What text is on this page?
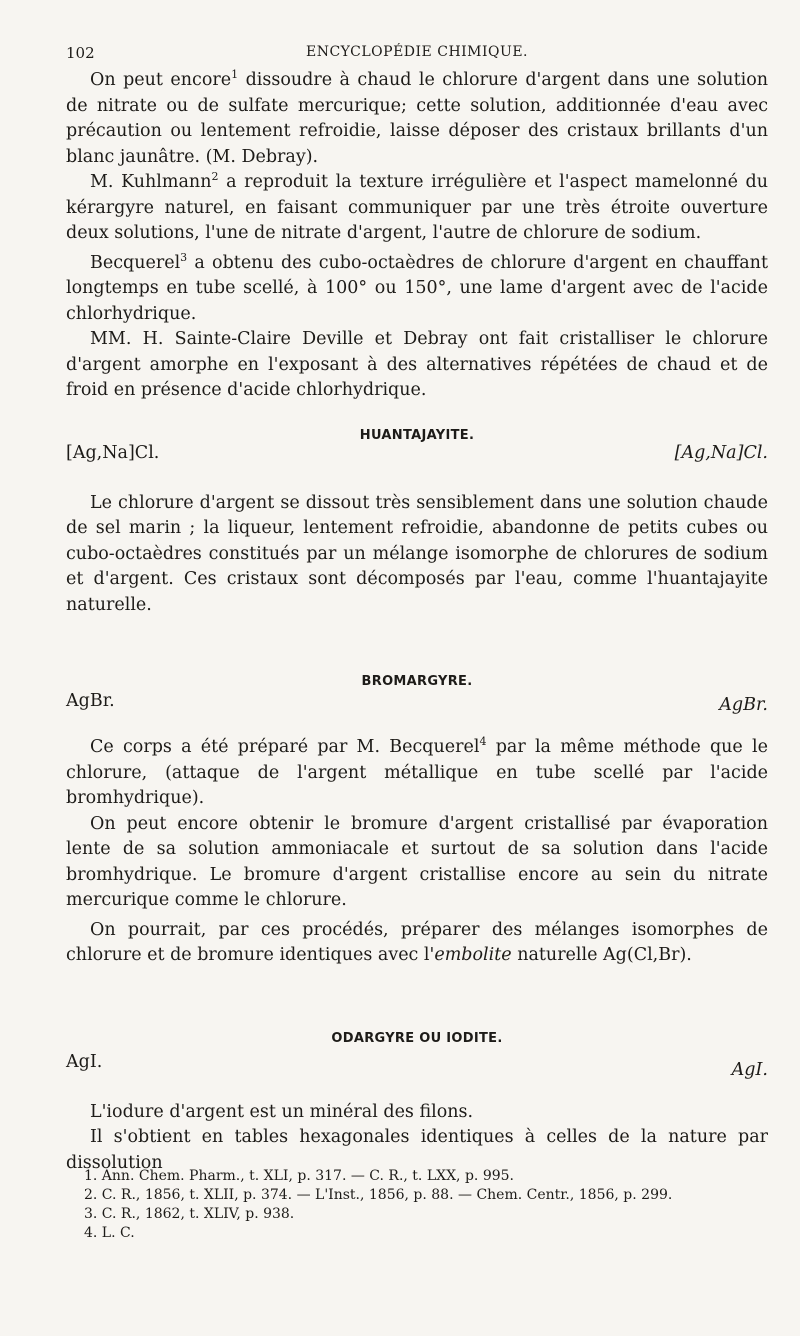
102	ENCYCLOPÉDIE CHIMIQUE.

On peut encore$^1$ dissoudre à chaud le chlorure d'argent dans une solution de nitrate ou de sulfate mercurique; cette solution, additionnée d'eau avec précaution ou lentement refroidie, laisse déposer des cristaux brillants d'un blanc jaunâtre. (M. Debray).

M. Kuhlmann$^2$ a reproduit la texture irrégulière et l'aspect mamelonné du kérargyre naturel, en faisant communiquer par une très étroite ouverture deux solutions, l'une de nitrate d'argent, l'autre de chlorure de sodium.

Becquerel$^3$ a obtenu des cubo-octaèdres de chlorure d'argent en chauffant longtemps en tube scellé, à 100° ou 150°, une lame d'argent avec de l'acide chlorhydrique.

MM. H. Sainte-Claire Deville et Debray ont fait cristalliser le chlorure d'argent amorphe en l'exposant à des alternatives répétées de chaud et de froid en présence d'acide chlorhydrique.

HUANTAJAYITE.
[Ag,Na]Cl.	[Ag,Na]Cl.

Le chlorure d'argent se dissout très sensiblement dans une solution chaude de sel marin ; la liqueur, lentement refroidie, abandonne de petits cubes ou cubo-octaèdres constitués par un mélange isomorphe de chlorures de sodium et d'argent. Ces cristaux sont décomposés par l'eau, comme l'huantajayite naturelle.

BROMARGYRE.
AgBr.	AgBr.

Ce corps a été préparé par M. Becquerel$^4$ par la même méthode que le chlorure, (attaque de l'argent métallique en tube scellé par l'acide bromhydrique).

On peut encore obtenir le bromure d'argent cristallisé par évaporation lente de sa solution ammoniacale et surtout de sa solution dans l'acide bromhydrique. Le bromure d'argent cristallise encore au sein du nitrate mercurique comme le chlorure.

On pourrait, par ces procédés, préparer des mélanges isomorphes de chlorure et de bromure identiques avec l'embolite naturelle Ag(Cl,Br).

ODARGYRE OU IODITE.
AgI.	AgI.

L'iodure d'argent est un minéral des filons.

Il s'obtient en tables hexagonales identiques à celles de la nature par dissolution

1. Ann. Chem. Pharm., t. XLI, p. 317. — C. R., t. LXX, p. 995.
2. C. R., 1856, t. XLII, p. 374. — L'Inst., 1856, p. 88. — Chem. Centr., 1856, p. 299.
3. C. R., 1862, t. XLIV, p. 938.
4. L. C.
